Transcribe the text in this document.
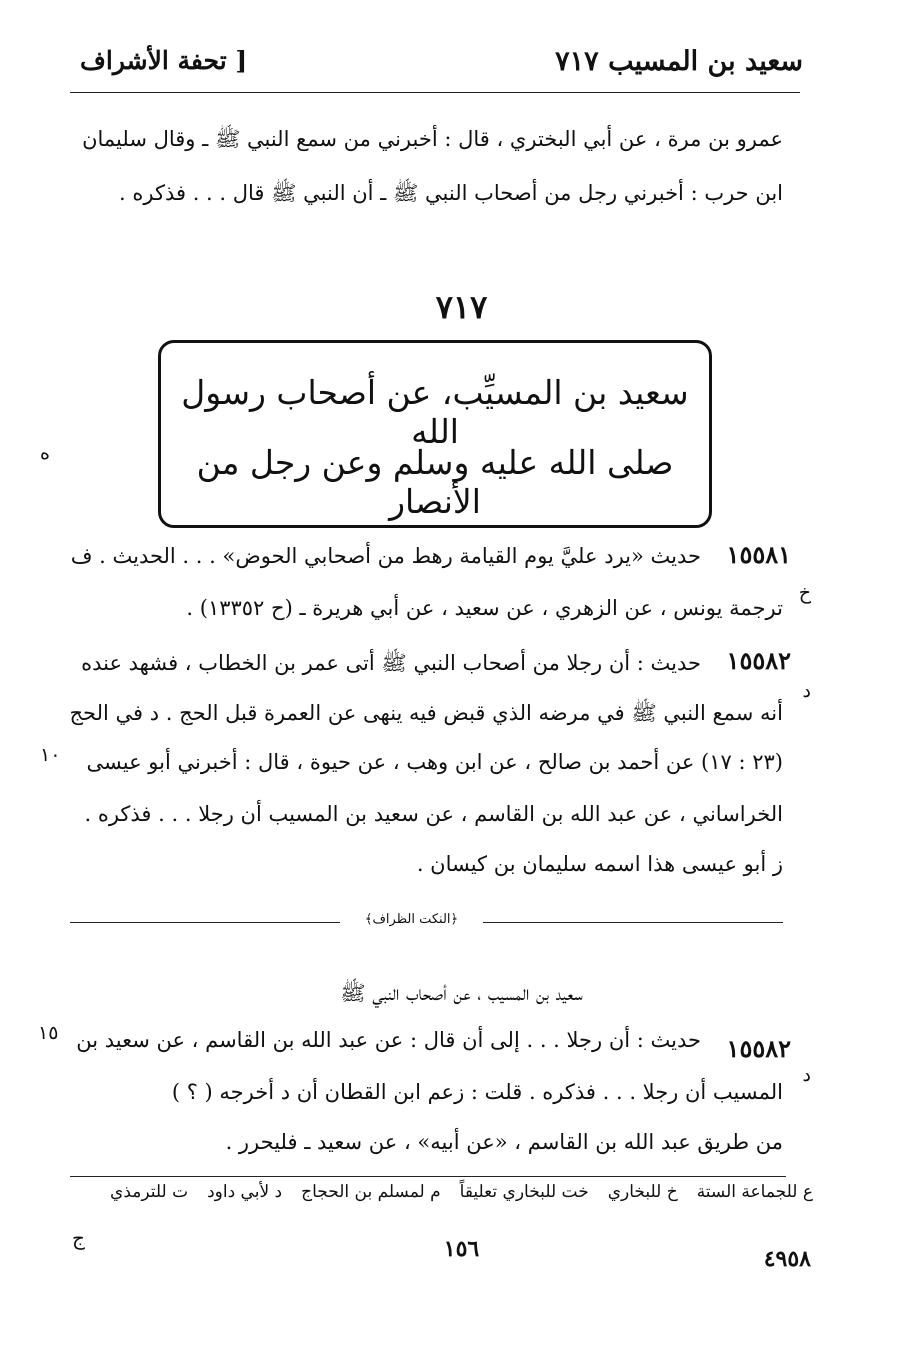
سعيد بن المسيب ٧١٧
[ تحفة الأشراف
عمرو بن مرة ، عن أبي البختري ، قال : أخبرني من سمع النبي ﷺ ـ وقال سليمان
ابن حرب : أخبرني رجل من أصحاب النبي ﷺ ـ أن النبي ﷺ قال . . . فذكره .
٧١٧
سعيد بن المسيِّب، عن أصحاب رسول الله
صلى الله عليه وسلم وعن رجل من الأنصار
ه
١٥٥٨١
حديث «يرد عليَّ يوم القيامة رهط من أصحابي الحوض» . . . الحديث . ف
خ
ترجمة يونس ، عن الزهري ، عن سعيد ، عن أبي هريرة ـ (ح ١٣٣٥٢) .
١٥٥٨٢
حديث : أن رجلا من أصحاب النبي ﷺ أتى عمر بن الخطاب ، فشهد عنده
د
أنه سمع النبي ﷺ في مرضه الذي قبض فيه ينهى عن العمرة قبل الحج . د في الحج
(٢٣ : ١٧) عن أحمد بن صالح ، عن ابن وهب ، عن حيوة ، قال : أخبرني أبو عيسى
١٠
الخراساني ، عن عبد الله بن القاسم ، عن سعيد بن المسيب أن رجلا . . . فذكره .
ز أبو عيسى هذا اسمه سليمان بن كيسان .
﴿النكت الظراف﴾
سعيد بن المسيب ، عن أصحاب النبي ﷺ
١٥٥٨٢
حديث : أن رجلا . . . إلى أن قال : عن عبد الله بن القاسم ، عن سعيد بن
١٥
د
المسيب أن رجلا . . . فذكره . قلت : زعم ابن القطان أن د أخرجه ( ؟ )
من طريق عبد الله بن القاسم ، «عن أبيه» ، عن سعيد ـ فليحرر .
ع للجماعة الستة
خ للبخاري
خت للبخاري تعليقاً
م لمسلم بن الحجاج
د لأبي داود
ت للترمذي
١٥٦	٤٩٥٨
ج
